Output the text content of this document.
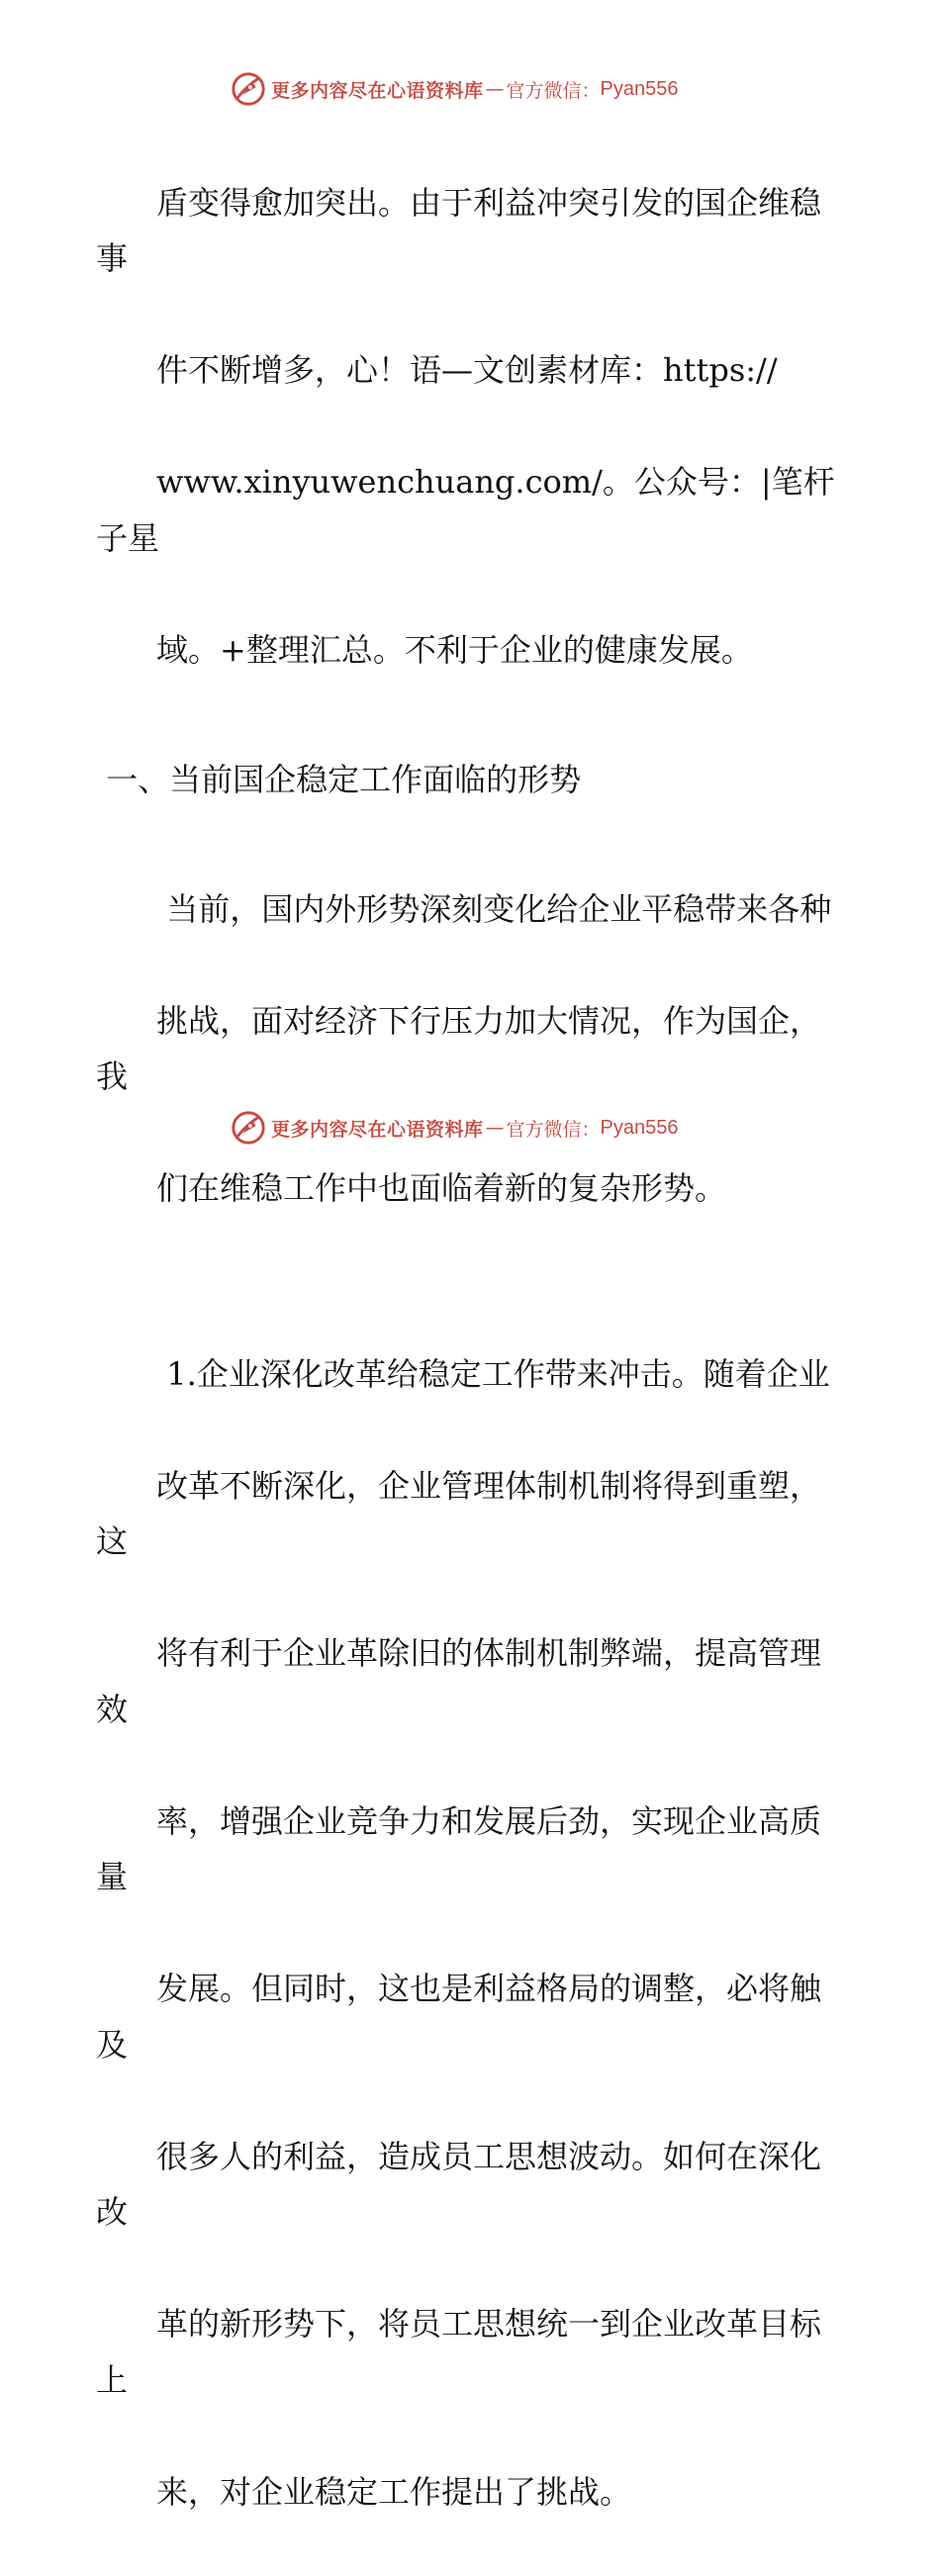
更多内容尽在心语资料库 — 官方微信： Pyan556

盾变得愈加突出。由于利益冲突引发的国企维稳事

件不断增多，心！语—文创素材库：https://

www.xinyuwenchuang.com/。公众号：|笔杆子星

域。+整理汇总。不利于企业的健康发展。

一、当前国企稳定工作面临的形势

当前，国内外形势深刻变化给企业平稳带来各种

挑战，面对经济下行压力加大情况，作为国企，我

们在维稳工作中也面临着新的复杂形势。

1.企业深化改革给稳定工作带来冲击。随着企业

改革不断深化，企业管理体制机制将得到重塑，这

将有利于企业革除旧的体制机制弊端，提高管理效

率，增强企业竞争力和发展后劲，实现企业高质量

发展。但同时，这也是利益格局的调整，必将触及

很多人的利益，造成员工思想波动。如何在深化改

革的新形势下，将员工思想统一到企业改革目标上

来，对企业稳定工作提出了挑战。

更多内容尽在心语资料库 — 官方微信： Pyan556
